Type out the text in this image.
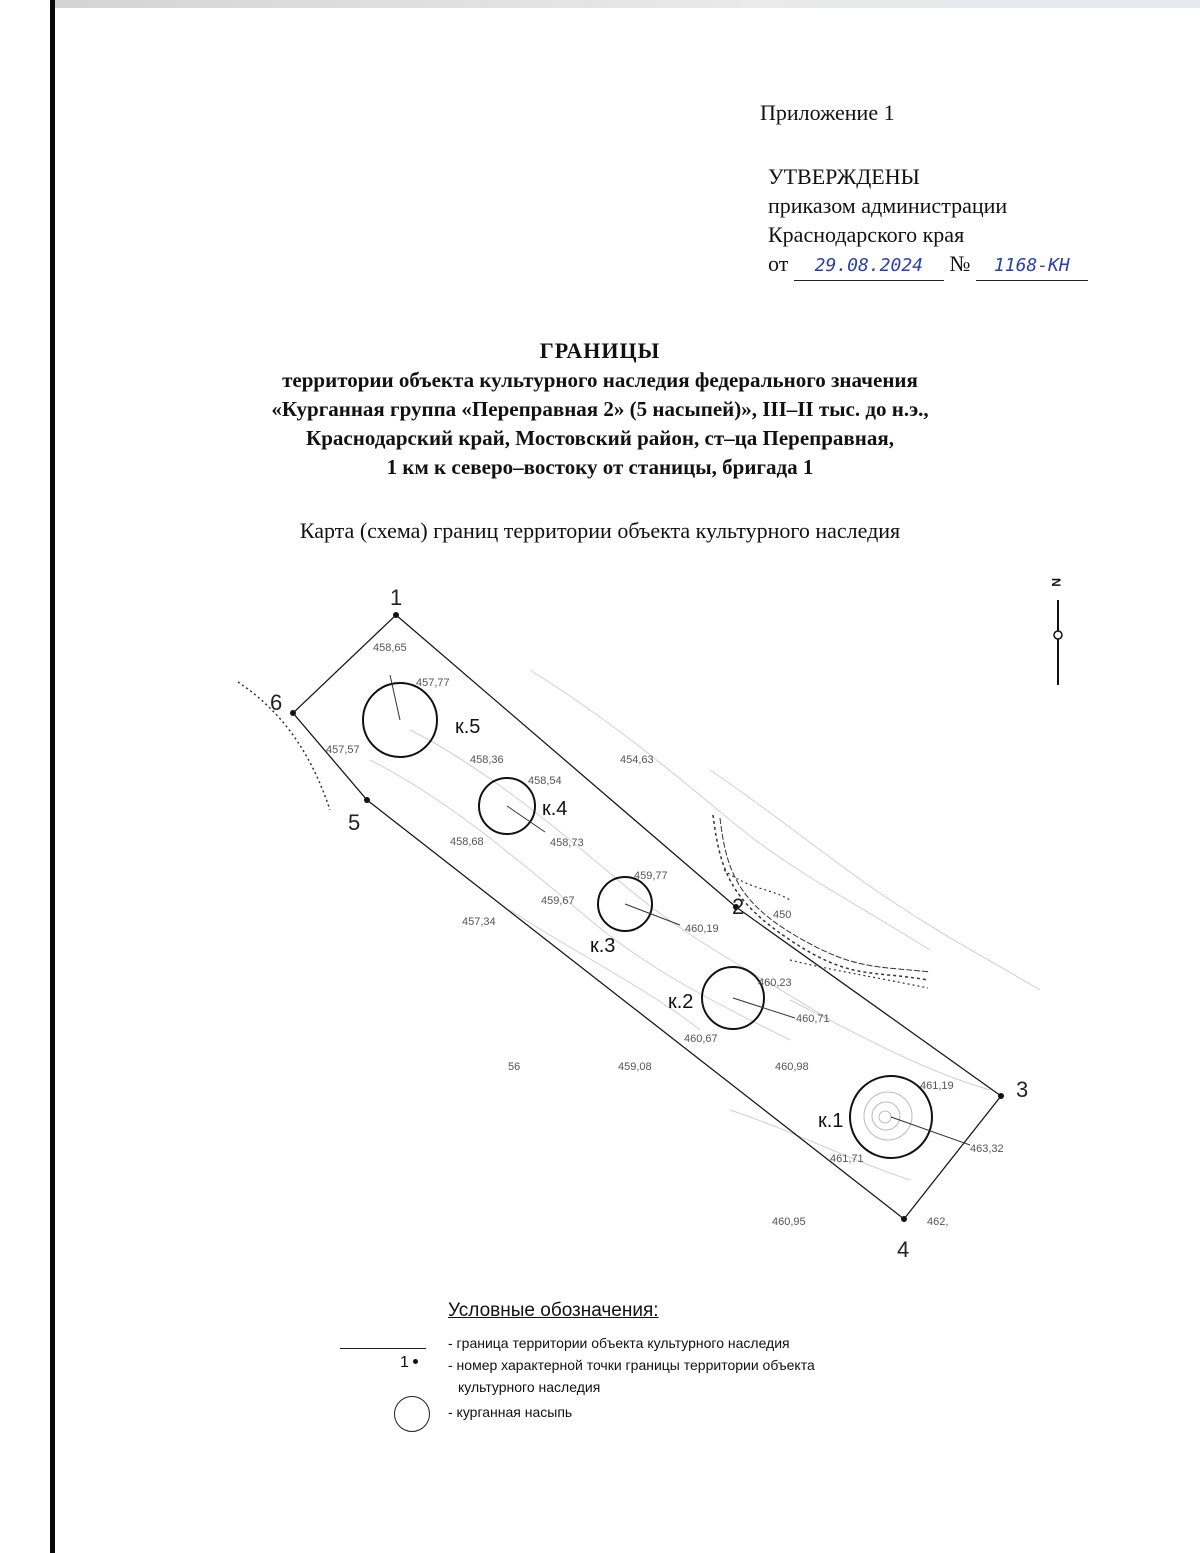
Приложение 1
УТВЕРЖДЕНЫ
приказом администрации
Краснодарского края
от 29.08.2024 № 1168-КН
ГРАНИЦЫ
территории объекта культурного наследия федерального значения
«Курганная группа «Переправная 2» (5 насыпей)», III–II тыс. до н.э.,
Краснодарский край, Мостовский район, ст–ца Переправная,
1 км к северо–востоку от станицы, бригада 1
Карта (схема) границ территории объекта культурного наследия
1
2
3
4
5
6
к.5
к.4
к.3
к.2
к.1
458,65
457,77
457,57
458,36
458,54
454,63
458,68	458,73
457,34
459,67
459,77
460,19
450
460,23
460,71
460,67
56	459,08	460,98
461,19
463,32
461,71
460,95	462,
N
Условные обозначения:
- граница территории объекта культурного наследия
1	- номер характерной точки границы территории объекта
культурного наследия
- курганная насыпь
